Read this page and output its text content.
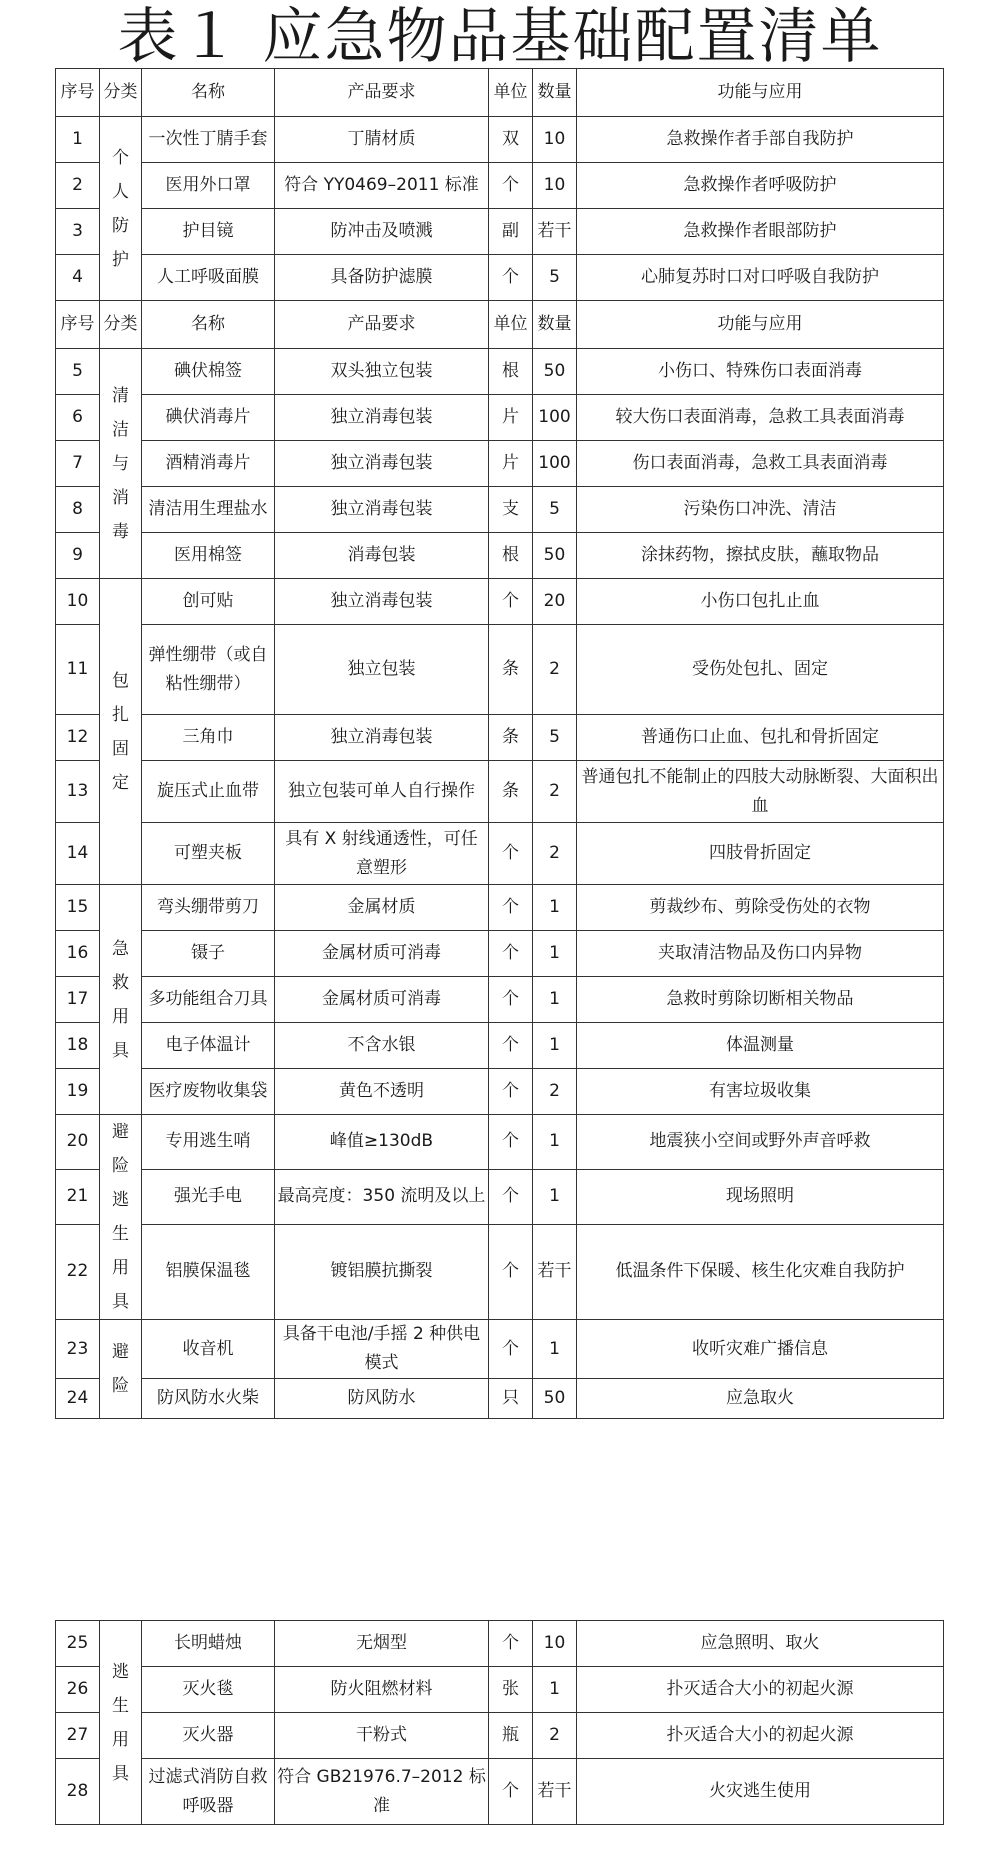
表１ 应急物品基础配置清单
序号	分类	名称	产品要求	单位	数量	功能与应用
1	个人防护	一次性丁腈手套	丁腈材质	双	10	急救操作者手部自我防护
2		医用外口罩	符合 YY0469–2011 标准	个	10	急救操作者呼吸防护
3		护目镜	防冲击及喷溅	副	若干	急救操作者眼部防护
4		人工呼吸面膜	具备防护滤膜	个	5	心肺复苏时口对口呼吸自我防护
序号	分类	名称	产品要求	单位	数量	功能与应用
5	清洁与消毒	碘伏棉签	双头独立包装	根	50	小伤口、特殊伤口表面消毒
6		碘伏消毒片	独立消毒包装	片	100	较大伤口表面消毒，急救工具表面消毒
7		酒精消毒片	独立消毒包装	片	100	伤口表面消毒，急救工具表面消毒
8		清洁用生理盐水	独立消毒包装	支	5	污染伤口冲洗、清洁
9		医用棉签	消毒包装	根	50	涂抹药物，擦拭皮肤，蘸取物品
10	包扎固定	创可贴	独立消毒包装	个	20	小伤口包扎止血
11		弹性绷带（或自粘性绷带）	独立包装	条	2	受伤处包扎、固定
12		三角巾	独立消毒包装	条	5	普通伤口止血、包扎和骨折固定
13		旋压式止血带	独立包装可单人自行操作	条	2	普通包扎不能制止的四肢大动脉断裂、大面积出血
14		可塑夹板	具有 X 射线通透性，可任意塑形	个	2	四肢骨折固定
15	急救用具	弯头绷带剪刀	金属材质	个	1	剪裁纱布、剪除受伤处的衣物
16		镊子	金属材质可消毒	个	1	夹取清洁物品及伤口内异物
17		多功能组合刀具	金属材质可消毒	个	1	急救时剪除切断相关物品
18		电子体温计	不含水银	个	1	体温测量
19		医疗废物收集袋	黄色不透明	个	2	有害垃圾收集
20	避险逃生用具	专用逃生哨	峰值≥130dB	个	1	地震狭小空间或野外声音呼救
21		强光手电	最高亮度：350 流明及以上	个	1	现场照明
22		铝膜保温毯	镀铝膜抗撕裂	个	若干	低温条件下保暖、核生化灾难自我防护
23	避险	收音机	具备干电池/手摇 2 种供电模式	个	1	收听灾难广播信息
24		防风防水火柴	防风防水	只	50	应急取火
25	逃生用具	长明蜡烛	无烟型	个	10	应急照明、取火
26		灭火毯	防火阻燃材料	张	1	扑灭适合大小的初起火源
27		灭火器	干粉式	瓶	2	扑灭适合大小的初起火源
28		过滤式消防自救呼吸器	符合 GB21976.7–2012 标准	个	若干	火灾逃生使用
